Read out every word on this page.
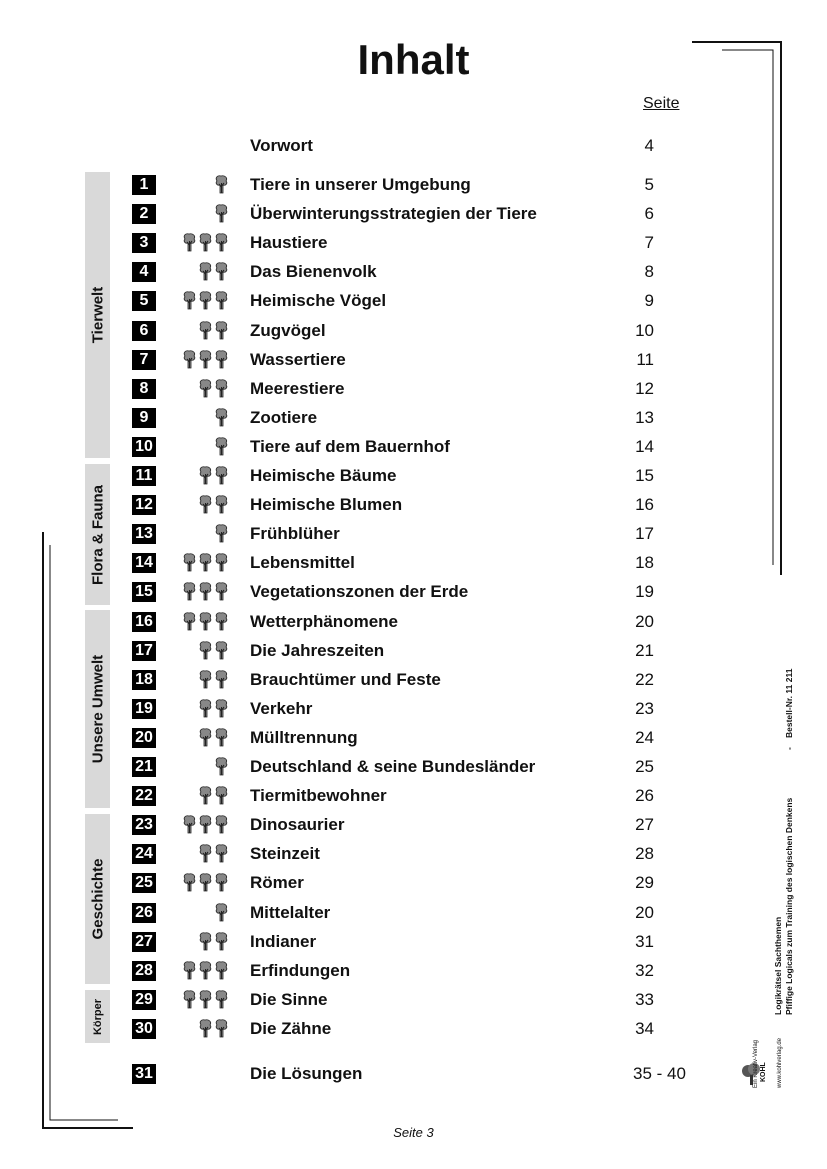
Inhalt
Seite
Tierwelt
Flora & Fauna
Unsere Umwelt
Geschichte
Körper
Vorwort	4
1	Tiere in unserer Umgebung	5
2	Überwinterungsstrategien der Tiere	6
3	Haustiere	7
4	Das Bienenvolk	8
5	Heimische Vögel	9
6	Zugvögel	10
7	Wassertiere	11
8	Meerestiere	12
9	Zootiere	13
10	Tiere auf dem Bauernhof	14
11	Heimische Bäume	15
12	Heimische Blumen	16
13	Frühblüher	17
14	Lebensmittel	18
15	Vegetationszonen der Erde	19
16	Wetterphänomene	20
17	Die Jahreszeiten	21
18	Brauchtümer und Feste	22
19	Verkehr	23
20	Mülltrennung	24
21	Deutschland & seine Bundesländer	25
22	Tiermitbewohner	26
23	Dinosaurier	27
24	Steinzeit	28
25	Römer	29
26	Mittelalter	20
27	Indianer	31
28	Erfindungen	32
29	Die Sinne	33
30	Die Zähne	34
31	Die Lösungen	35 - 40
Seite 3
Logikrätsel Sachthemen Pfiffige Logicals zum Training des logischen Denkens
-
Bestell-Nr. 11 211
KOHL
Ein Kreativ-Verlag	www.kohlverlag.de
